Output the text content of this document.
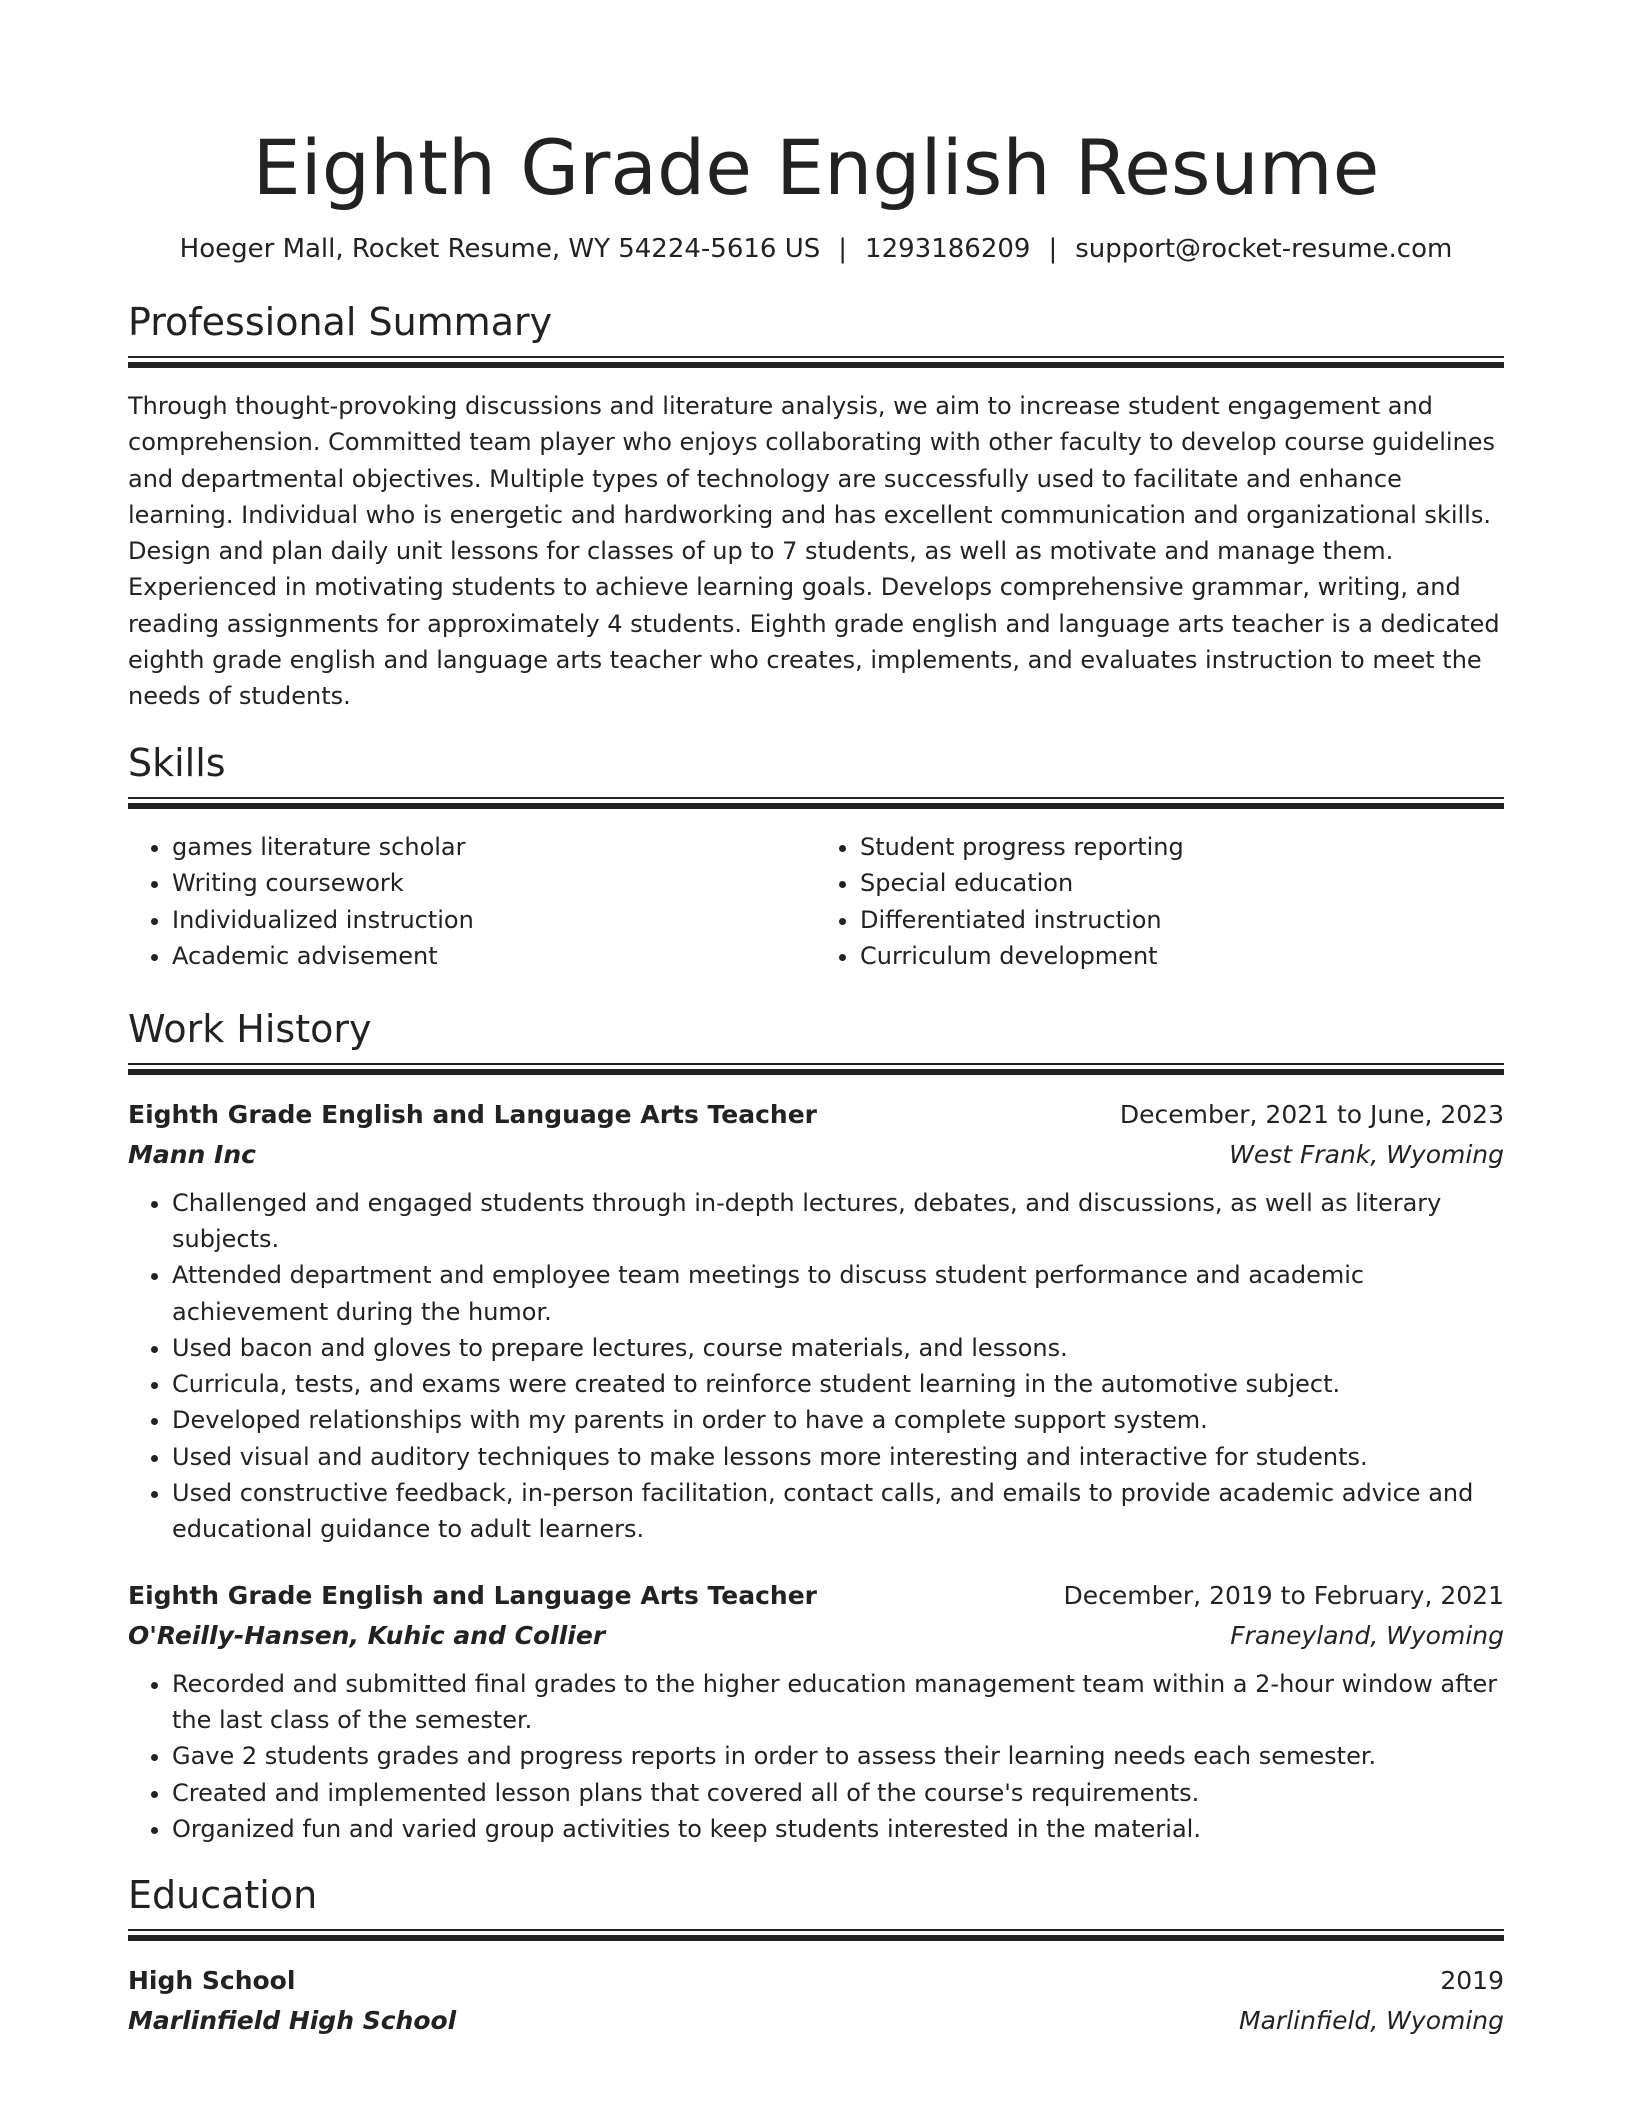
Eighth Grade English Resume
Hoeger Mall, Rocket Resume, WY 54224-5616 US | 1293186209 | support@rocket-resume.com
Professional Summary

Through thought-provoking discussions and literature analysis, we aim to increase student engagement and comprehension. Committed team player who enjoys collaborating with other faculty to develop course guidelines and departmental objectives. Multiple types of technology are successfully used to facilitate and enhance learning. Individual who is energetic and hardworking and has excellent communication and organizational skills. Design and plan daily unit lessons for classes of up to 7 students, as well as motivate and manage them. Experienced in motivating students to achieve learning goals. Develops comprehensive grammar, writing, and reading assignments for approximately 4 students. Eighth grade english and language arts teacher is a dedicated eighth grade english and language arts teacher who creates, implements, and evaluates instruction to meet the needs of students.

Skills
• games literature scholar
• Writing coursework
• Individualized instruction
• Academic advisement
• Student progress reporting
• Special education
• Differentiated instruction
• Curriculum development
Work History
Eighth Grade English and Language Arts Teacher	December, 2021 to June, 2023
Mann Inc	West Frank, Wyoming
• Challenged and engaged students through in-depth lectures, debates, and discussions, as well as literary subjects.
• Attended department and employee team meetings to discuss student performance and academic achievement during the humor.
• Used bacon and gloves to prepare lectures, course materials, and lessons.
• Curricula, tests, and exams were created to reinforce student learning in the automotive subject.
• Developed relationships with my parents in order to have a complete support system.
• Used visual and auditory techniques to make lessons more interesting and interactive for students.
• Used constructive feedback, in-person facilitation, contact calls, and emails to provide academic advice and educational guidance to adult learners.
Eighth Grade English and Language Arts Teacher	December, 2019 to February, 2021
O'Reilly-Hansen, Kuhic and Collier	Franeyland, Wyoming
• Recorded and submitted final grades to the higher education management team within a 2-hour window after the last class of the semester.
• Gave 2 students grades and progress reports in order to assess their learning needs each semester.
• Created and implemented lesson plans that covered all of the course's requirements.
• Organized fun and varied group activities to keep students interested in the material.
Education
High School	2019
Marlinfield High School	Marlinfield, Wyoming
